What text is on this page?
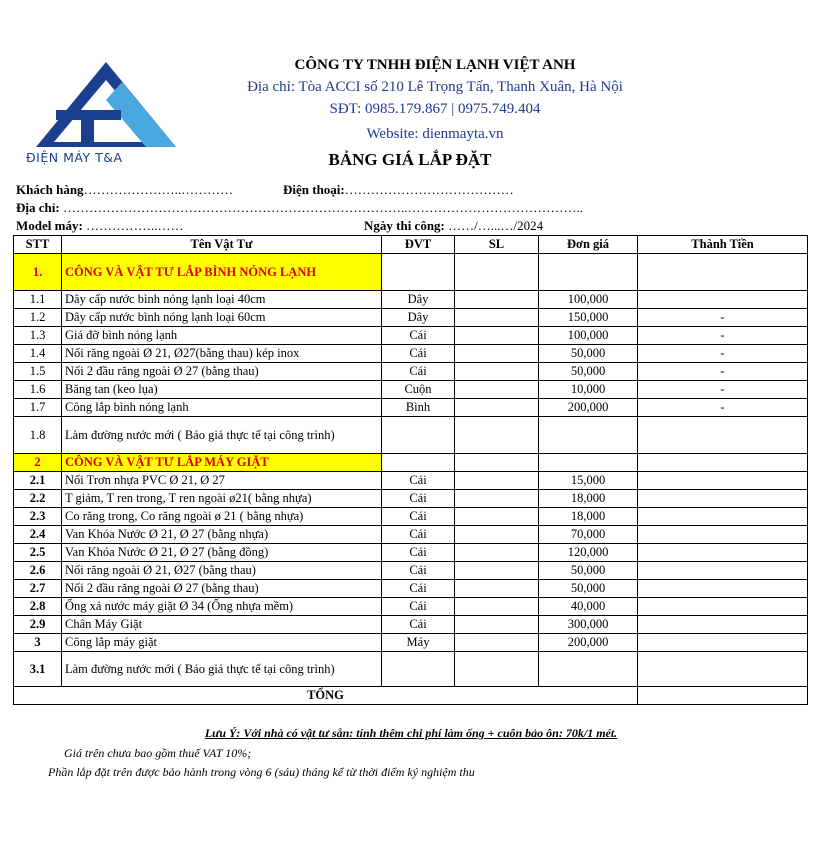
ĐIỆN MÁY T&A
CÔNG TY TNHH ĐIỆN LẠNH VIỆT ANH
Địa chỉ: Tòa ACCI số 210 Lê Trọng Tấn, Thanh Xuân, Hà Nội
SĐT: 0985.179.867 | 0975.749.404
Website: dienmayta.vn
BẢNG GIÁ LẮP ĐẶT
Khách hàng…………………..…………	Điện thoại:…………………………………
Địa chỉ: ……………………………………………………………………..…………………………………..
Model máy: ……………..……	Ngày thi công: ……/…...…/2024
STT	Tên Vật Tư	ĐVT	SL	Đơn giá	Thành Tiền
1.	CÔNG VÀ VẬT TƯ LẮP BÌNH NÓNG LẠNH				
1.1	Dây cấp nước bình nóng lạnh loại 40cm	Dây		100,000	
1.2	Dây cấp nước bình nóng lạnh loại 60cm	Dây		150,000	-
1.3	Giá đỡ bình nóng lạnh	Cái		100,000	-
1.4	Nối răng ngoài Ø 21, Ø27(bằng thau) kép inox	Cái		50,000	-
1.5	Nối 2 đầu răng ngoài Ø 27 (bằng thau)	Cái		50,000	-
1.6	Băng tan (keo lụa)	Cuộn		10,000	-
1.7	Công lắp bình nóng lạnh	Bình		200,000	-
1.8	Làm đường nước mới ( Báo giá thực tế tại công trình)				
2	CÔNG VÀ VẬT TƯ LẮP MÁY GIẶT				
2.1	Nối Trơn nhựa PVC Ø 21, Ø 27	Cái		15,000	
2.2	T giảm, T ren trong, T ren ngoài ø21( bằng nhựa)	Cái		18,000	
2.3	Co răng trong, Co răng ngoài ø 21 ( bằng nhựa)	Cái		18,000	
2.4	Van Khóa Nước Ø 21, Ø 27 (bằng nhựa)	Cái		70,000	
2.5	Van Khóa Nước Ø 21, Ø 27 (bằng đồng)	Cái		120,000	
2.6	Nối răng ngoài Ø 21, Ø27 (bằng thau)	Cái		50,000	
2.7	Nối 2 đầu răng ngoài Ø 27 (bằng thau)	Cái		50,000	
2.8	Ống xả nước máy giặt Ø 34 (Ống nhựa mềm)	Cái		40,000	
2.9	Chân Máy Giặt	Cái		300,000	
3	Công lắp máy giặt	Máy		200,000	
3.1	Làm đường nước mới ( Báo giá thực tế tại công trình)				
TỔNG					
Lưu Ý: Với nhà có vật tư sẵn: tính thêm chi phí làm ống + cuôn bảo ôn: 70k/1 mét.
Giá trên chưa bao gồm thuế VAT 10%;
Phần lắp đặt trên được bảo hành trong vòng 6 (sáu) tháng kể từ thời điểm ký nghiệm thu
